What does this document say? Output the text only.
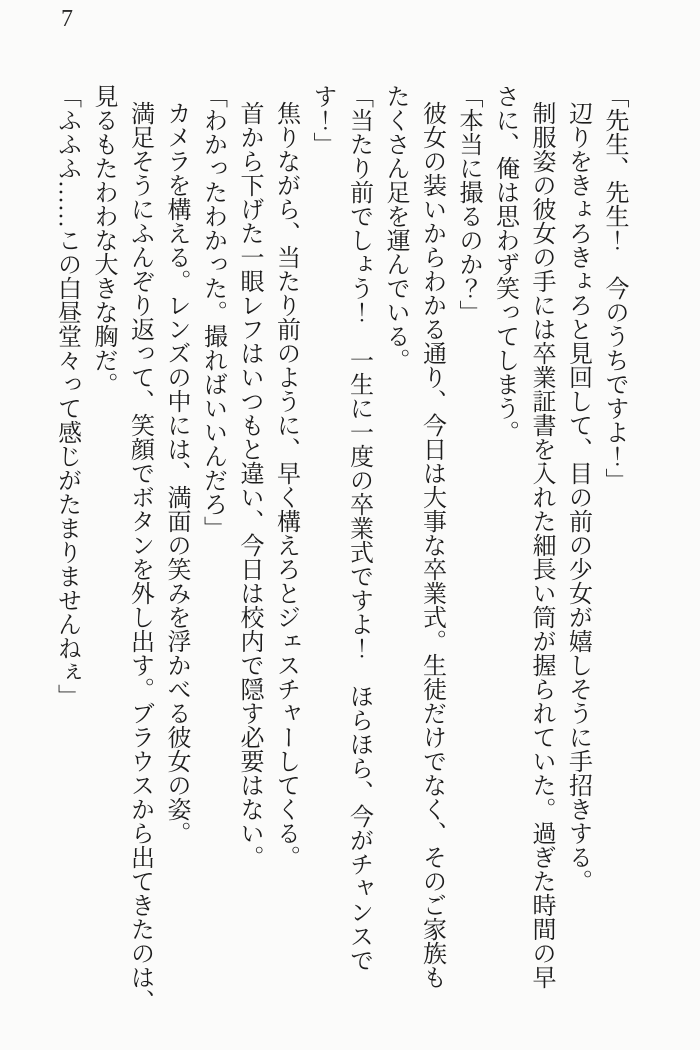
7
「先生、先生！　今のうちですよ！」
辺りをきょろきょろと見回して、目の前の少女が嬉しそうに手招きする。
制服姿の彼女の手には卒業証書を入れた細長い筒が握られていた。過ぎた時間の早
さに、俺は思わず笑ってしまう。
「本当に撮るのか？」
彼女の装いからわかる通り、今日は大事な卒業式。生徒だけでなく、そのご家族も
たくさん足を運んでいる。
「当たり前でしょう！　一生に一度の卒業式ですよ！　ほらほら、今がチャンスで
す！」
焦りながら、当たり前のように、早く構えろとジェスチャーしてくる。
首から下げた一眼レフはいつもと違い、今日は校内で隠す必要はない。
「わかったわかった。撮ればいいんだろ」
カメラを構える。レンズの中には、満面の笑みを浮かべる彼女の姿。
満足そうにふんぞり返って、笑顔でボタンを外し出す。ブラウスから出てきたのは、
見るもたわわな大きな胸だ。
「ふふふ……この白昼堂々って感じがたまりませんねぇ」
